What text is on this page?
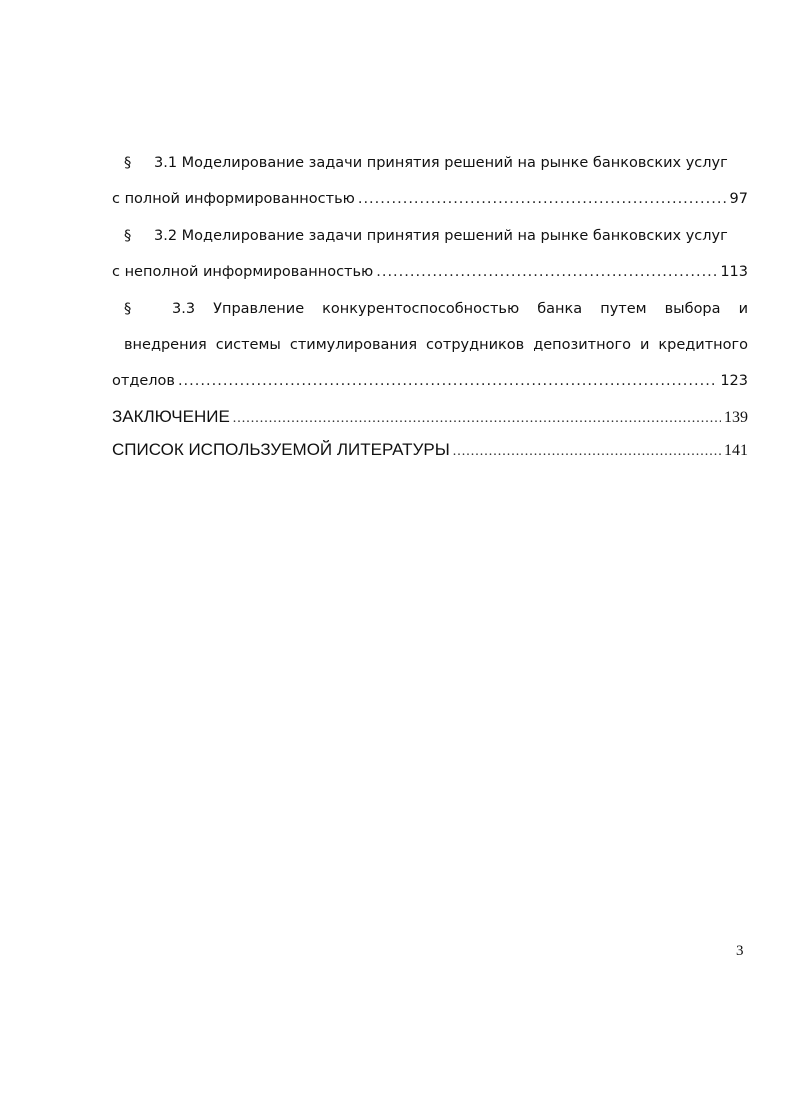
§ 3.1 Моделирование задачи принятия решений на рынке банковских услуг
с полной информированностью .....	97
§ 3.2 Моделирование задачи принятия решений на рынке банковских услуг
с неполной информированностью .....	113
§	3.3 Управление конкурентоспособностью банка путем выбора и
внедрения системы стимулирования сотрудников депозитного и кредитного
отделов .....	123
ЗАКЛЮЧЕНИЕ .....	139
СПИСОК ИСПОЛЬЗУЕМОЙ ЛИТЕРАТУРЫ .....	141
3
